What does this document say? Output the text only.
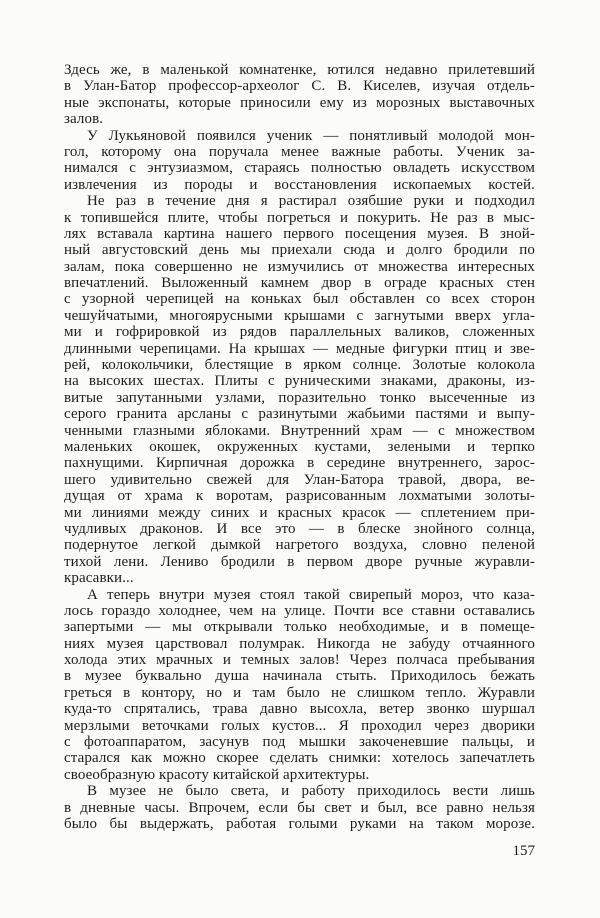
Здесь же, в маленькой комнатенке, ютился недавно прилетевший
в Улан-Батор профессор-археолог С. В. Киселев, изучая отдель-
ные экспонаты, которые приносили ему из морозных выставочных
залов.
У Лукьяновой появился ученик — понятливый молодой мон-
гол, которому она поручала менее важные работы. Ученик за-
нимался с энтузиазмом, стараясь полностью овладеть искусством
извлечения из породы и восстановления ископаемых костей.
Не раз в течение дня я растирал озябшие руки и подходил
к топившейся плите, чтобы погреться и покурить. Не раз в мыс-
лях вставала картина нашего первого посещения музея. В зной-
ный августовский день мы приехали сюда и долго бродили по
залам, пока совершенно не измучились от множества интересных
впечатлений. Выложенный камнем двор в ограде красных стен
с узорной черепицей на коньках был обставлен со всех сторон
чешуйчатыми, многоярусными крышами с загнутыми вверх угла-
ми и гофрировкой из рядов параллельных валиков, сложенных
длинными черепицами. На крышах — медные фигурки птиц и зве-
рей, колокольчики, блестящие в ярком солнце. Золотые колокола
на высоких шестах. Плиты с руническими знаками, драконы, из-
витые запутанными узлами, поразительно тонко высеченные из
серого гранита арсланы с разинутыми жабьими пастями и выпу-
ченными глазными яблоками. Внутренний храм — с множеством
маленьких окошек, окруженных кустами, зелеными и терпко
пахнущими. Кирпичная дорожка в середине внутреннего, зарос-
шего удивительно свежей для Улан-Батора травой, двора, ве-
дущая от храма к воротам, разрисованным лохматыми золоты-
ми линиями между синих и красных красок — сплетением при-
чудливых драконов. И все это — в блеске знойного солнца,
подернутое легкой дымкой нагретого воздуха, словно пеленой
тихой лени. Лениво бродили в первом дворе ручные журавли-
красавки...
А теперь внутри музея стоял такой свирепый мороз, что каза-
лось гораздо холоднее, чем на улице. Почти все ставни оставались
запертыми — мы открывали только необходимые, и в помеще-
ниях музея царствовал полумрак. Никогда не забуду отчаянного
холода этих мрачных и темных залов! Через полчаса пребывания
в музее буквально душа начинала стыть. Приходилось бежать
греться в контору, но и там было не слишком тепло. Журавли
куда-то спрятались, трава давно высохла, ветер звонко шуршал
мерзлыми веточками голых кустов... Я проходил через дворики
с фотоаппаратом, засунув под мышки закоченевшие пальцы, и
старался как можно скорее сделать снимки: хотелось запечатлеть
своеобразную красоту китайской архитектуры.
В музее не было света, и работу приходилось вести лишь
в дневные часы. Впрочем, если бы свет и был, все равно нельзя
было бы выдержать, работая голыми руками на таком морозе.
157
